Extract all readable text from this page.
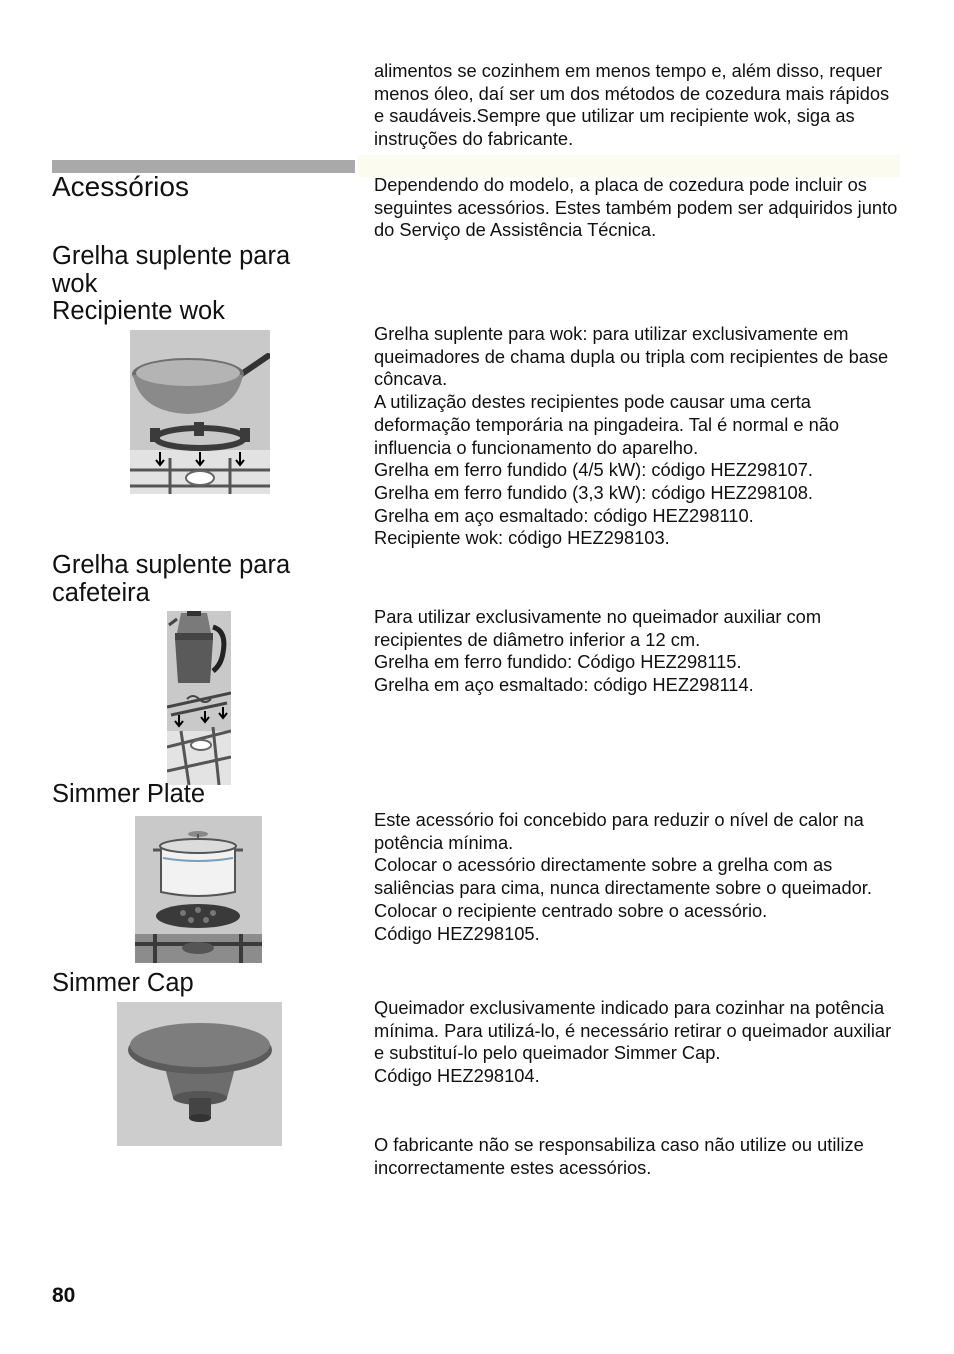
alimentos se cozinhem em menos tempo e, além disso, requer menos óleo, daí ser um dos métodos de cozedura mais rápidos e saudáveis.Sempre que utilizar um recipiente wok, siga as instruções do fabricante.

Acessórios	Dependendo do modelo, a placa de cozedura pode incluir os seguintes acessórios. Estes também podem ser adquiridos junto do Serviço de Assistência Técnica.

Grelha suplente para wok
Recipiente wok

Grelha suplente para wok: para utilizar exclusivamente em queimadores de chama dupla ou tripla com recipientes de base côncava.

A utilização destes recipientes pode causar uma certa deformação temporária na pingadeira. Tal é normal e não influencia o funcionamento do aparelho.

Grelha em ferro fundido (4/5 kW): código HEZ298107.

Grelha em ferro fundido (3,3 kW): código HEZ298108.

Grelha em aço esmaltado: código HEZ298110.

Recipiente wok: código HEZ298103.

Grelha suplente para cafeteira

Para utilizar exclusivamente no queimador auxiliar com recipientes de diâmetro inferior a 12 cm.

Grelha em ferro fundido: Código HEZ298115.

Grelha em aço esmaltado: código HEZ298114.

Simmer Plate

Este acessório foi concebido para reduzir o nível de calor na potência mínima.

Colocar o acessório directamente sobre a grelha com as saliências para cima, nunca directamente sobre o queimador. Colocar o recipiente centrado sobre o acessório.

Código HEZ298105.

Simmer Cap

Queimador exclusivamente indicado para cozinhar na potência mínima. Para utilizá-lo, é necessário retirar o queimador auxiliar e substituí-lo pelo queimador Simmer Cap.

Código HEZ298104.

O fabricante não se responsabiliza caso não utilize ou utilize incorrectamente estes acessórios.

80
